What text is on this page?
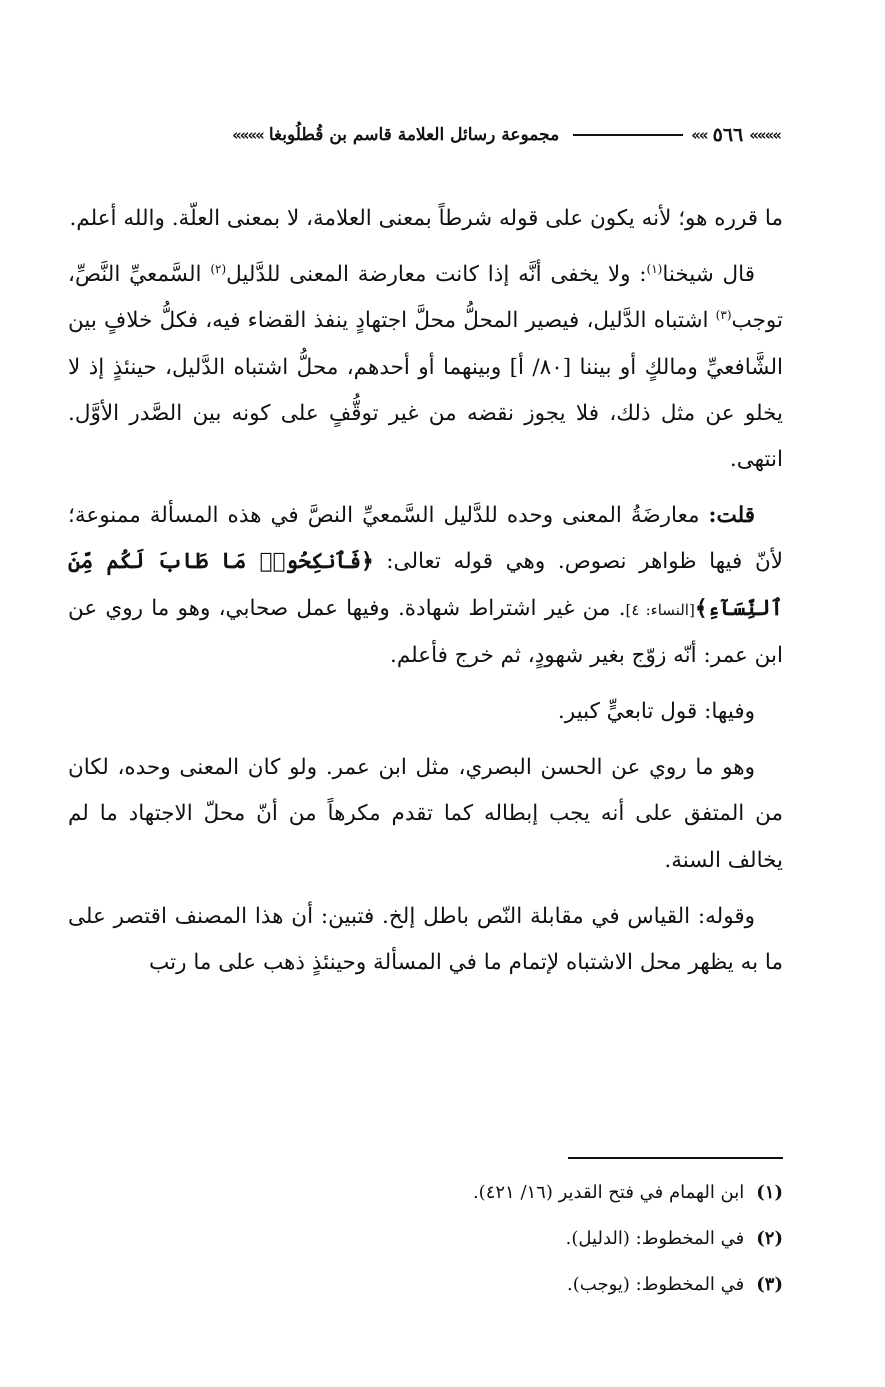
»»»»
٥٦٦
»»
مجموعة رسائل العلامة قاسم بن قُطلُوبغا
»»»»

ما قرره هو؛ لأنه يكون على قوله شرطاً بمعنى العلامة، لا بمعنى العلّة. والله أعلم.

قال شيخنا$^{(١)}$: ولا يخفى أنَّه إذا كانت معارضة المعنى للدَّليل$^{(٢)}$ السَّمعيِّ النَّصِّ، توجب$^{(٣)}$ اشتباه الدَّليل، فيصير المحلُّ محلَّ اجتهادٍ ينفذ القضاء فيه، فكلُّ خلافٍ بين الشَّافعيِّ ومالكٍ أو بيننا [٨٠/ أ] وبينهما أو أحدهم، محلُّ اشتباه الدَّليل، حينئذٍ إذ لا يخلو عن مثل ذلك، فلا يجوز نقضه من غير توقُّفٍ على كونه بين الصَّدر الأوَّل. انتهى.

قلت: معارضَةُ المعنى وحده للدَّليل السَّمعيِّ النصَّ في هذه المسألة ممنوعة؛ لأنّ فيها ظواهر نصوص. وهي قوله تعالى: ﴿فَٱنكِحُوا۟ مَا طَابَ لَكُم مِّنَ ٱلنِّسَآءِ﴾[النساء: ٤]. من غير اشتراط شهادة. وفيها عمل صحابي، وهو ما روي عن ابن عمر: أنّه زوّج بغير شهودٍ، ثم خرج فأعلم.

وفيها: قول تابعيٍّ كبير.

وهو ما روي عن الحسن البصري، مثل ابن عمر. ولو كان المعنى وحده، لكان من المتفق على أنه يجب إبطاله كما تقدم مكرهاً من أنّ محلّ الاجتهاد ما لم يخالف السنة.

وقوله: القياس في مقابلة النّص باطل إلخ. فتبين: أن هذا المصنف اقتصر على ما به يظهر محل الاشتباه لإتمام ما في المسألة وحينئذٍ ذهب على ما رتب

(١)ابن الهمام في فتح القدير (١٦/ ٤٢١).
(٢)في المخطوط: (الدليل).
(٣)في المخطوط: (يوجب).
